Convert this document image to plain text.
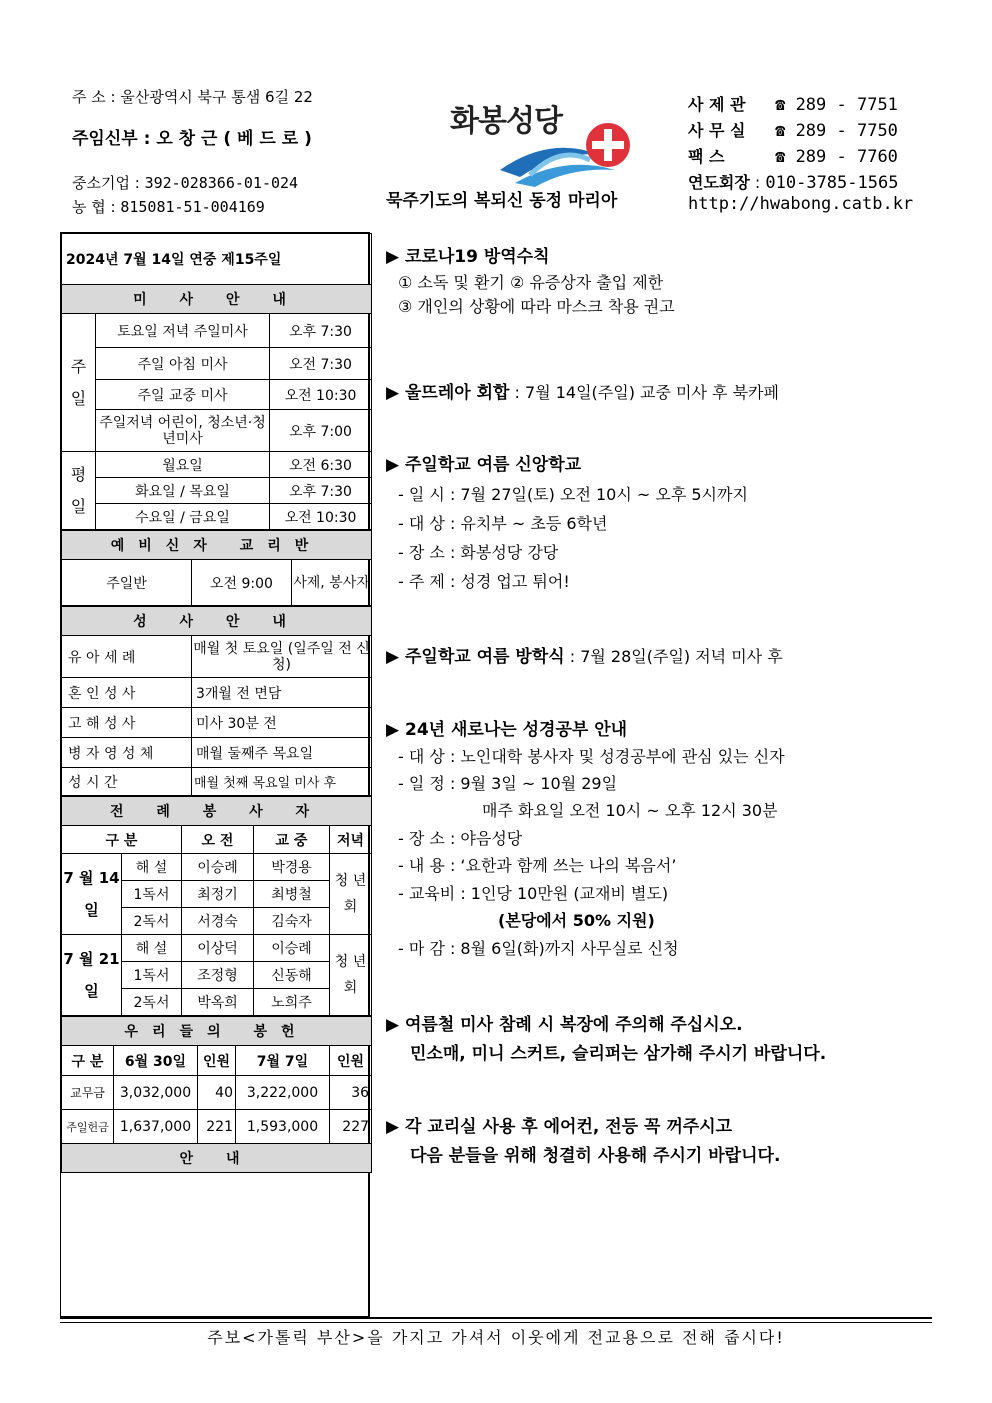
주 소 : 울산광역시 북구 통샘 6길 22
주임신부 : 오 창 근 ( 베 드 로 )
중소기업 : 392-028366-01-024
농 협 : 815081-51-004169
화봉성당
묵주기도의 복되신 동정 마리아
사 제 관 ☎ 289 - 7751
사 무 실 ☎ 289 - 7750
팩 스	☎ 289 - 7760
연도회장 : 010-3785-1565
http://hwabong.catb.kr
2024년 7월 14일 연중 제15주일		
미 사 안 내		
주 일	토요일 저녁 주일미사	오후 7:30
	주일 아침 미사	오전 7:30
	주일 교중 미사	오전 10:30
	주일저녁 어린이, 청소년·청년미사	오후 7:00
평 일	월요일	오전 6:30
	화요일 / 목요일	오후 7:30
	수요일 / 금요일	오전 10:30
예비신자 교리반
주일반	오전 9:00	사제, 봉사자
성 사 안 내	
유 아 세 례	매월 첫 토요일 (일주일 전 신청)
혼 인 성 사	3개월 전 면담
고 해 성 사	미사 30분 전
병 자 영 성 체	매월 둘째주 목요일
성 시 간	매월 첫째 목요일 미사 후
전 례 봉 사 자				
구 분		오 전	교 중	저녁
7 월 14 일	해 설	이승례	박경용	청 년 회
	1독서	최정기	최병철	
	2독서	서경숙	김숙자	
7 월 21 일	해 설	이상덕	이승례	청 년 회
	1독서	조정형	신동해	
	2독서	박옥희	노희주	
우리들의 봉헌				
구 분	6월 30일	인원	7월 7일	인원
교무금	3,032,000	40	3,222,000	36
주일헌금	1,637,000	221	1,593,000	227
안 내				
▶ 코로나19 방역수칙
① 소독 및 환기 ② 유증상자 출입 제한
③ 개인의 상황에 따라 마스크 착용 권고
▶ 울뜨레아 회합 : 7월 14일(주일) 교중 미사 후 북카페
▶ 주일학교 여름 신앙학교
- 일 시 : 7월 27일(토) 오전 10시 ~ 오후 5시까지
- 대 상 : 유치부 ~ 초등 6학년
- 장 소 : 화봉성당 강당
- 주 제 : 성경 업고 튀어!
▶ 주일학교 여름 방학식 : 7월 28일(주일) 저녁 미사 후
▶ 24년 새로나는 성경공부 안내
- 대 상 : 노인대학 봉사자 및 성경공부에 관심 있는 신자
- 일 정 : 9월 3일 ~ 10월 29일
매주 화요일 오전 10시 ~ 오후 12시 30분
- 장 소 : 야음성당
- 내 용 : ‘요한과 함께 쓰는 나의 복음서’
- 교육비 : 1인당 10만원 (교재비 별도)
(본당에서 50% 지원)
- 마 감 : 8월 6일(화)까지 사무실로 신청
▶ 여름철 미사 참례 시 복장에 주의해 주십시오.
민소매, 미니 스커트, 슬리퍼는 삼가해 주시기 바랍니다.
▶ 각 교리실 사용 후 에어컨, 전등 꼭 꺼주시고
다음 분들을 위해 청결히 사용해 주시기 바랍니다.
주보<가톨릭 부산>을 가지고 가셔서 이웃에게 전교용으로 전해 줍시다!
